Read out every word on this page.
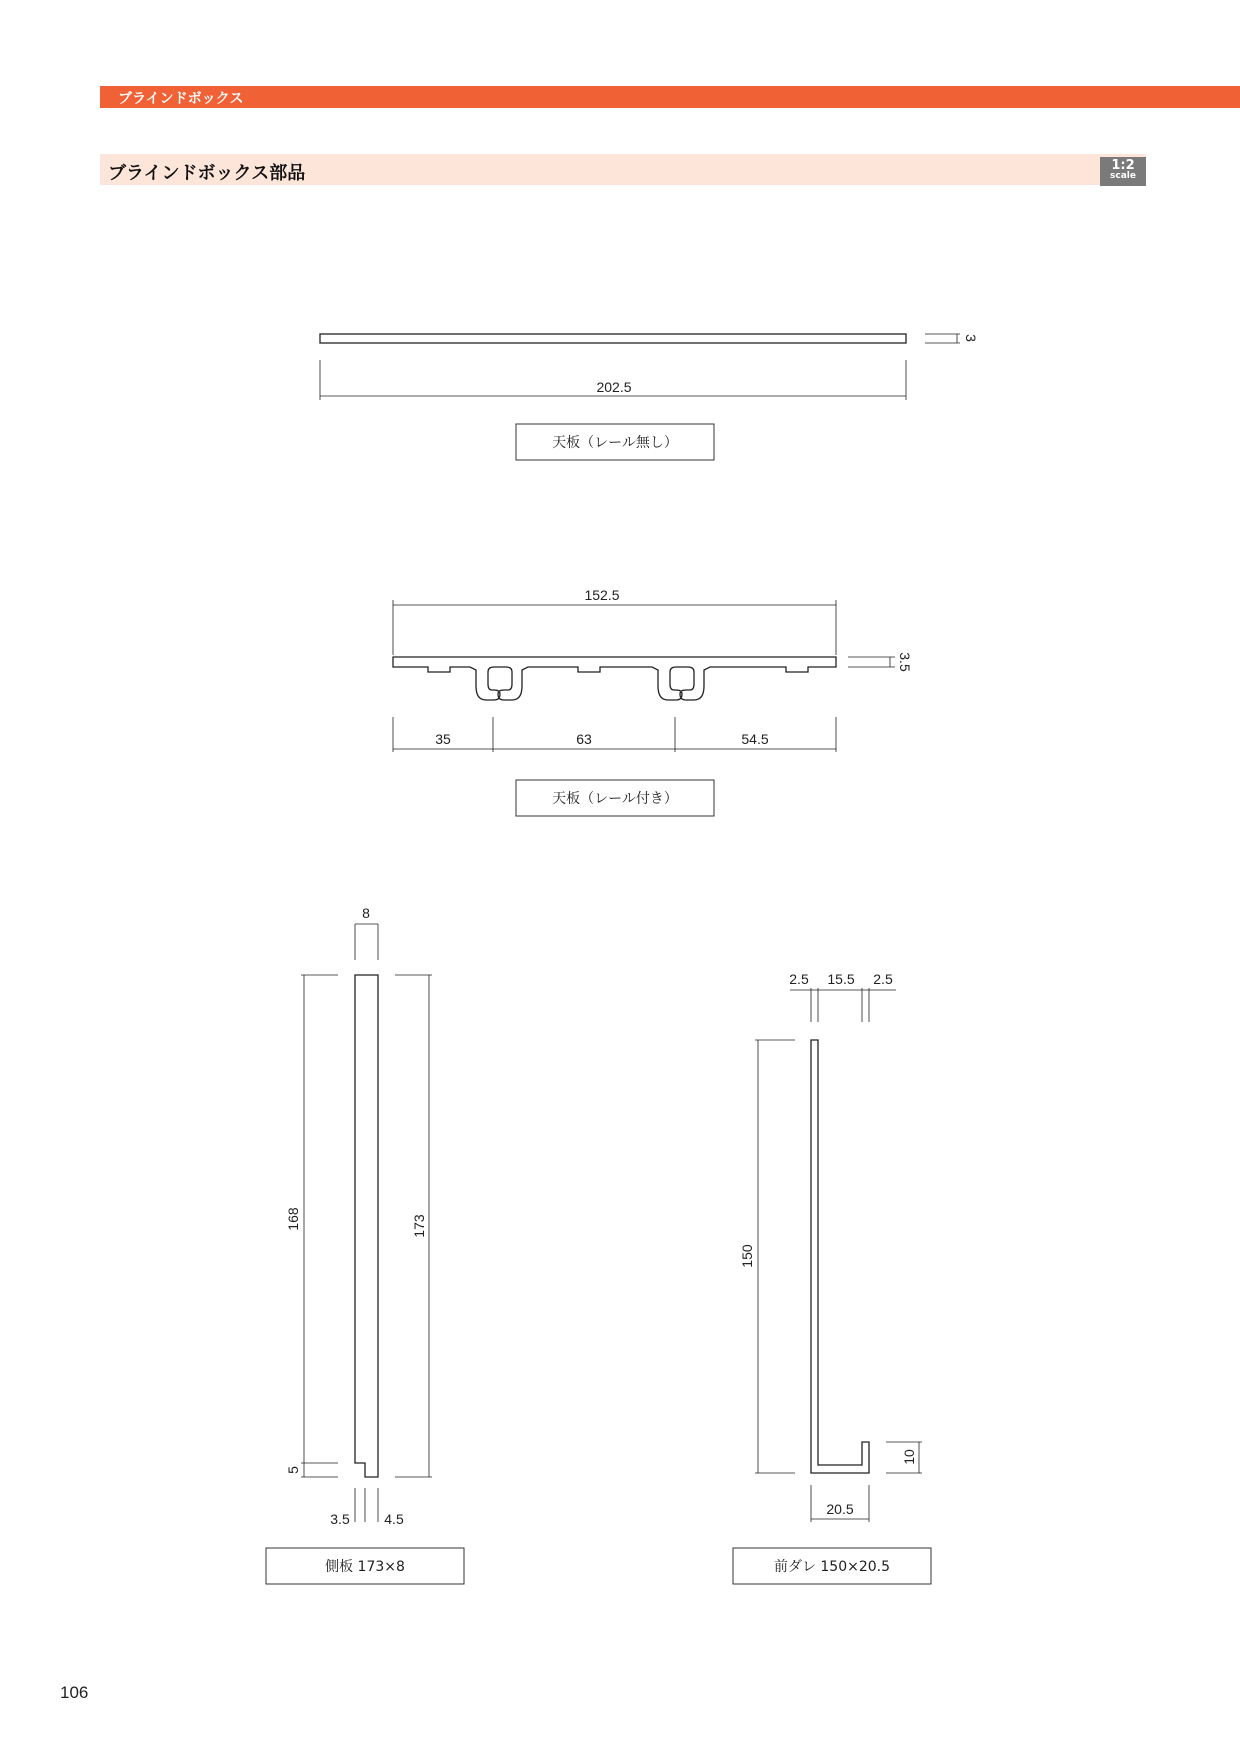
ブラインドボックス
ブラインドボックス部品	1:2
scale
3
202.5
天板（レール無し）
152.5
3.5
35	63	54.5
天板（レール付き）
8
168
5
173
3.5 4.5
側板 173×8
2.5 15.5 2.5
150
10
20.5
前ダレ 150×20.5
106
